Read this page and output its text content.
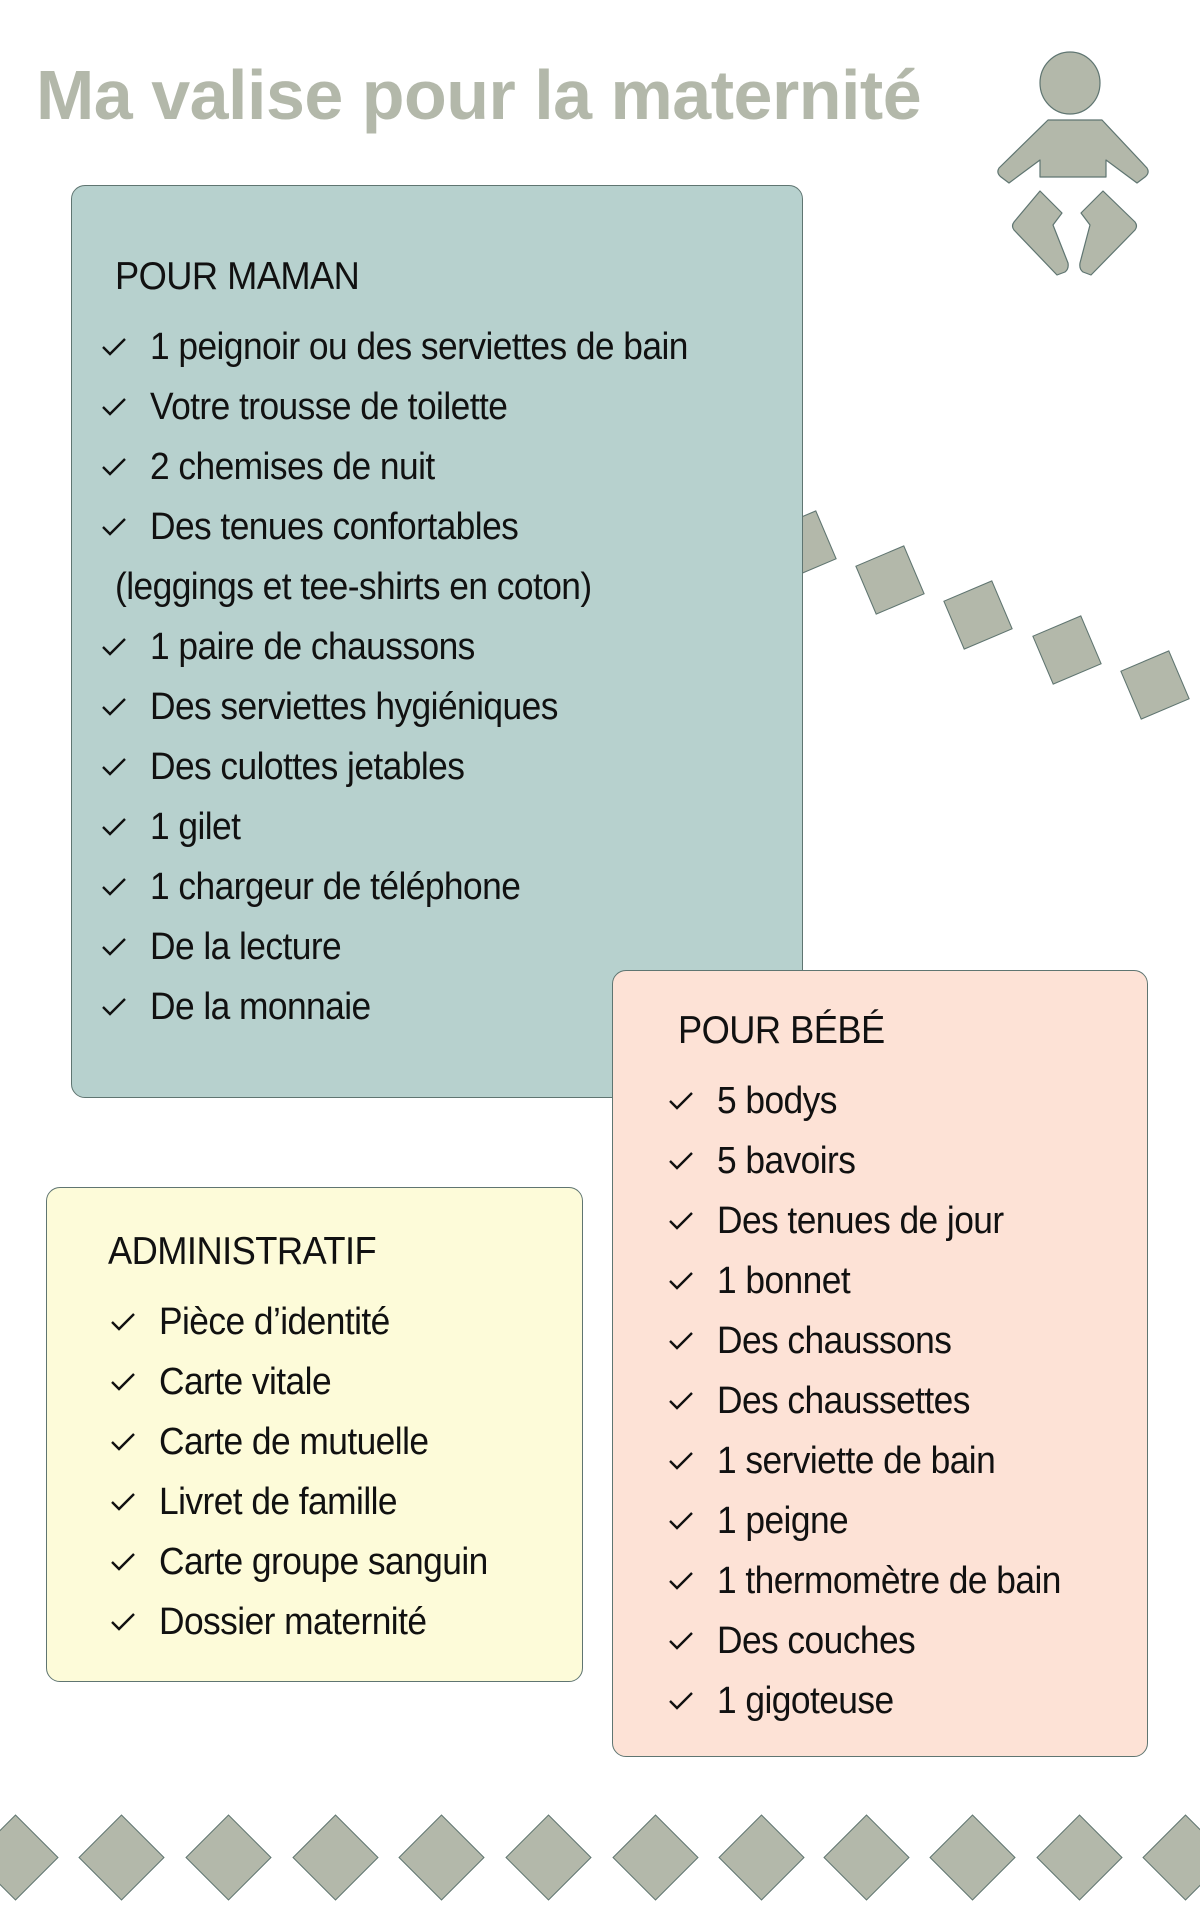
Ma valise pour la maternité
POUR MAMAN
1 peignoir ou des serviettes de bain
Votre trousse de toilette
2 chemises de nuit
Des tenues confortables
(leggings et tee-shirts en coton)
1 paire de chaussons
Des serviettes hygiéniques
Des culottes jetables
1 gilet
1 chargeur de téléphone
De la lecture
De la monnaie
POUR BÉBÉ
5 bodys
5 bavoirs
Des tenues de jour
1 bonnet
Des chaussons
Des chaussettes
1 serviette de bain
1 peigne
1 thermomètre de bain
Des couches
1 gigoteuse
ADMINISTRATIF
Pièce d’identité
Carte vitale
Carte de mutuelle
Livret de famille
Carte groupe sanguin
Dossier maternité
